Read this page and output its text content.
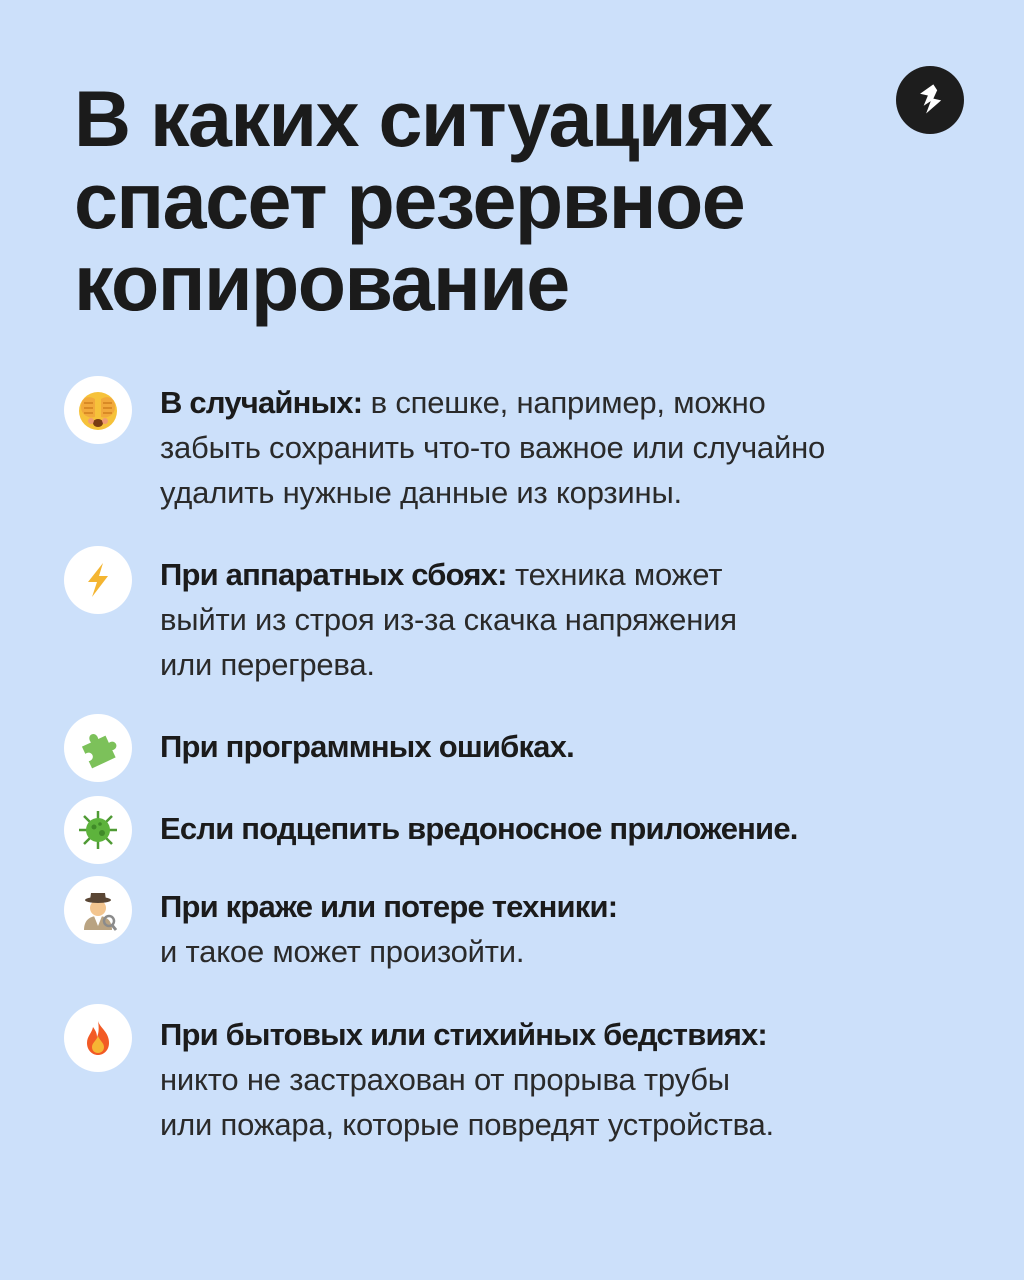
В каких ситуациях
спасет резервное
копирование
В случайных: в спешке, например, можно
забыть сохранить что-то важное или случайно
удалить нужные данные из корзины.
При аппаратных сбоях: техника может
выйти из строя из-за скачка напряжения
или перегрева.
При программных ошибках.
Если подцепить вредоносное приложение.
При краже или потере техники:
и такое может произойти.
При бытовых или стихийных бедствиях:
никто не застрахован от прорыва трубы
или пожара, которые повредят устройства.
